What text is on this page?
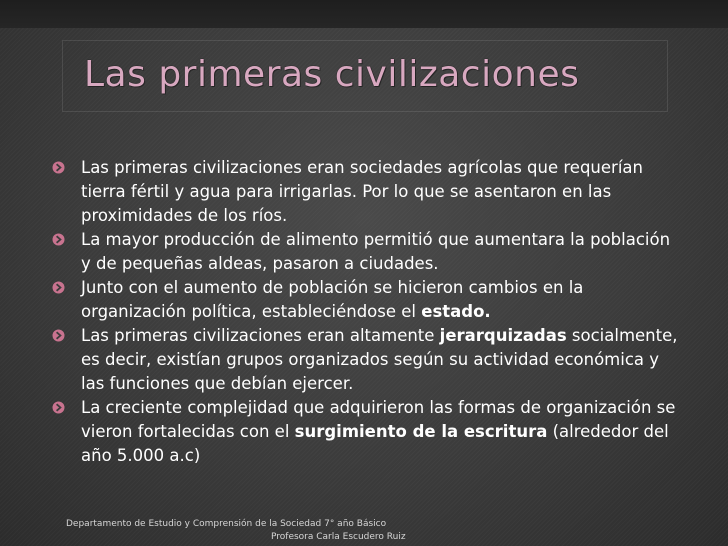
Las primeras civilizaciones
Las primeras civilizaciones eran sociedades agrícolas que requerían tierra fértil y agua para irrigarlas. Por lo que se asentaron en las proximidades de los ríos.
La mayor producción de alimento permitió que aumentara la población y de pequeñas aldeas, pasaron a ciudades.
Junto con el aumento de población se hicieron cambios en la organización política, estableciéndose el estado.
Las primeras civilizaciones eran altamente jerarquizadas socialmente, es decir, existían grupos organizados según su actividad económica y las funciones que debían ejercer.
La creciente complejidad que adquirieron las formas de organización se vieron fortalecidas con el surgimiento de la escritura (alrededor del año 5.000 a.c)
Departamento de Estudio y Comprensión de la Sociedad 7° año Básico
Profesora Carla Escudero Ruiz
